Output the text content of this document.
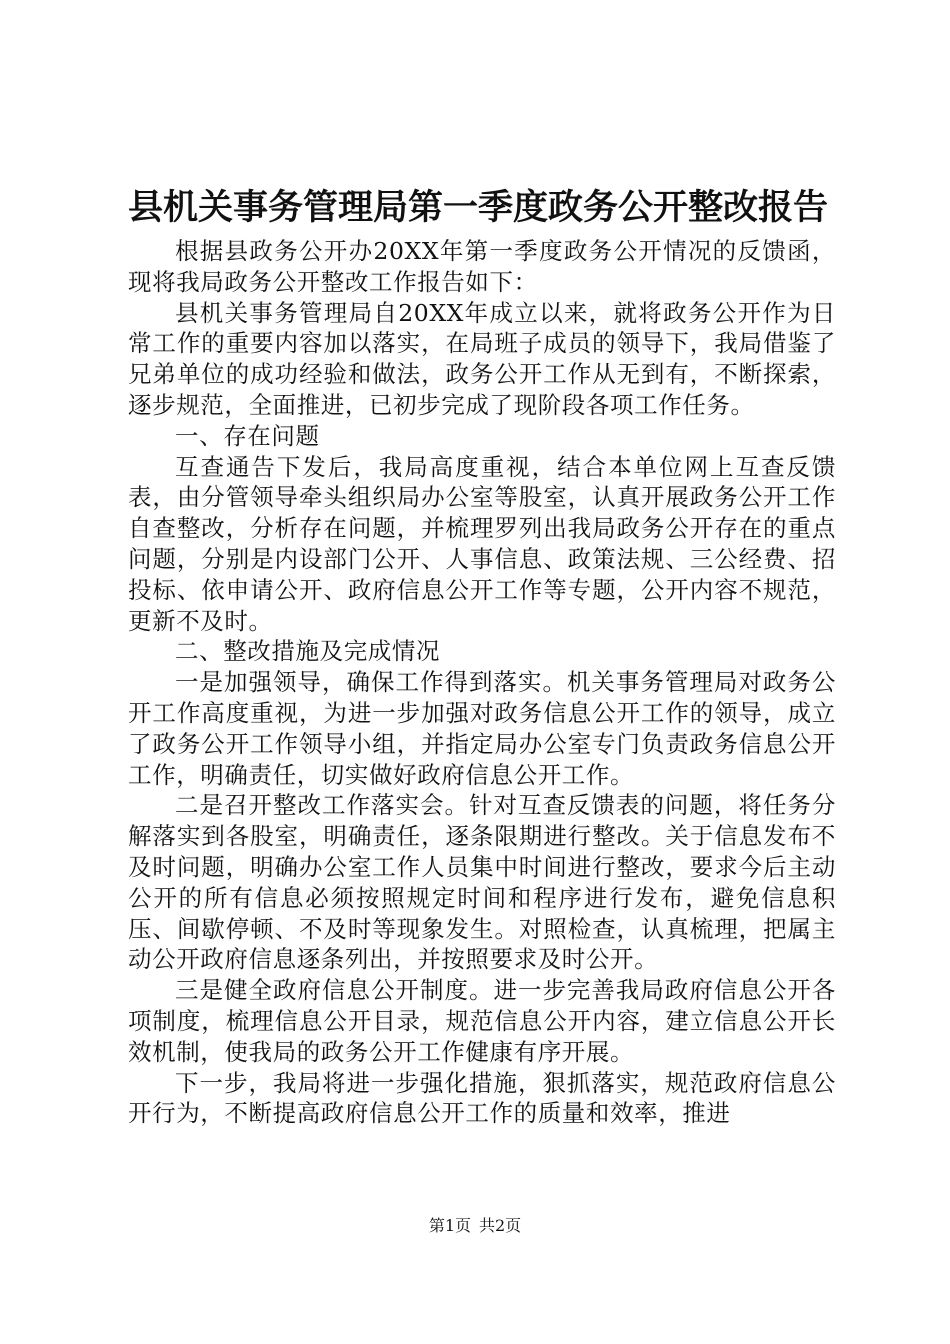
县机关事务管理局第一季度政务公开整改报告

根据县政务公开办20XX年第一季度政务公开情况的反馈函，现将我局政务公开整改工作报告如下：

县机关事务管理局自20XX年成立以来，就将政务公开作为日常工作的重要内容加以落实，在局班子成员的领导下，我局借鉴了兄弟单位的成功经验和做法，政务公开工作从无到有，不断探索，逐步规范，全面推进，已初步完成了现阶段各项工作任务。

一、存在问题

互查通告下发后，我局高度重视，结合本单位网上互查反馈表，由分管领导牵头组织局办公室等股室，认真开展政务公开工作自查整改，分析存在问题，并梳理罗列出我局政务公开存在的重点问题，分别是内设部门公开、人事信息、政策法规、三公经费、招投标、依申请公开、政府信息公开工作等专题，公开内容不规范，更新不及时。

二、整改措施及完成情况

一是加强领导，确保工作得到落实。机关事务管理局对政务公开工作高度重视，为进一步加强对政务信息公开工作的领导，成立了政务公开工作领导小组，并指定局办公室专门负责政务信息公开工作，明确责任，切实做好政府信息公开工作。

二是召开整改工作落实会。针对互查反馈表的问题，将任务分解落实到各股室，明确责任，逐条限期进行整改。关于信息发布不及时问题，明确办公室工作人员集中时间进行整改，要求今后主动公开的所有信息必须按照规定时间和程序进行发布，避免信息积压、间歇停顿、不及时等现象发生。对照检查，认真梳理，把属主动公开政府信息逐条列出，并按照要求及时公开。

三是健全政府信息公开制度。进一步完善我局政府信息公开各项制度，梳理信息公开目录，规范信息公开内容，建立信息公开长效机制，使我局的政务公开工作健康有序开展。

下一步，我局将进一步强化措施，狠抓落实，规范政府信息公开行为，不断提高政府信息公开工作的质量和效率，推进

第1页 共2页
